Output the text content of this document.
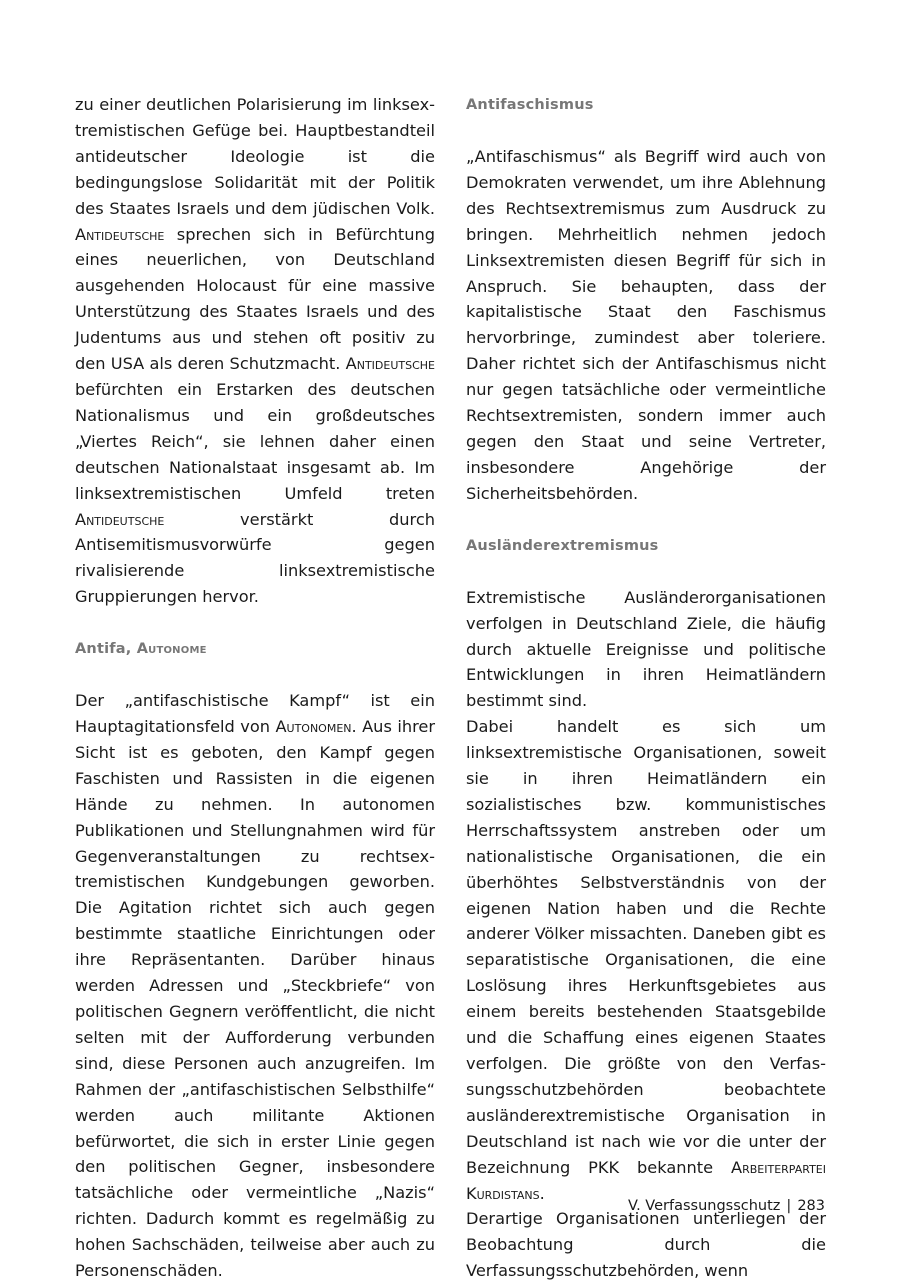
zu einer deutlichen Polarisierung im linksextremistischen Gefüge bei. Hauptbestandteil antideutscher Ideologie ist die bedingungslose Solidarität mit der Politik des Staates Israels und dem jüdischen Volk. Antideutsche sprechen sich in Befürchtung eines neuerlichen, von Deutschland ausgehenden Holocaust für eine massive Unterstützung des Staates Israels und des Judentums aus und stehen oft positiv zu den USA als deren Schutzmacht. Antideutsche befürchten ein Erstarken des deutschen Nationalismus und ein großdeutsches „Viertes Reich“, sie lehnen daher einen deutschen Nationalstaat insgesamt ab. Im linksextremistischen Umfeld treten Antideutsche verstärkt durch Antisemitismusvorwürfe gegen rivalisierende linksextremistische Gruppierungen hervor.

Antifa, Autonome

Der „antifaschistische Kampf“ ist ein Hauptagitationsfeld von Autonomen. Aus ihrer Sicht ist es geboten, den Kampf gegen Faschisten und Rassisten in die eigenen Hände zu nehmen. In autonomen Publikationen und Stellungnahmen wird für Gegenveranstaltungen zu rechtsextremistischen Kundgebungen geworben. Die Agitation richtet sich auch gegen bestimmte staatliche Einrichtungen oder ihre Repräsentanten. Darüber hinaus werden Adressen und „Steckbriefe“ von politischen Gegnern veröffentlicht, die nicht selten mit der Aufforderung verbunden sind, diese Personen auch anzugreifen. Im Rahmen der „antifaschistischen Selbsthilfe“ werden auch militante Aktionen befürwortet, die sich in erster Linie gegen den politischen Gegner, insbesondere tatsächliche oder vermeintliche „Nazis“ richten. Dadurch kommt es regelmäßig zu hohen Sachschäden, teilweise aber auch zu Personenschäden.

Antifaschismus

„Antifaschismus“ als Begriff wird auch von Demokraten verwendet, um ihre Ablehnung des Rechtsextremismus zum Ausdruck zu bringen. Mehrheitlich nehmen jedoch Linksextremisten diesen Begriff für sich in Anspruch. Sie behaupten, dass der kapitalistische Staat den Faschismus hervorbringe, zumindest aber toleriere. Daher richtet sich der Antifaschismus nicht nur gegen tatsächliche oder vermeintliche Rechtsextremisten, sondern immer auch gegen den Staat und seine Vertreter, insbesondere Angehörige der Sicherheitsbehörden.

Ausländerextremismus

Extremistische Ausländerorganisationen verfolgen in Deutschland Ziele, die häufig durch aktuelle Ereignisse und politische Entwicklungen in ihren Heimatländern bestimmt sind.

Dabei handelt es sich um linksextremistische Organisationen, soweit sie in ihren Heimatländern ein sozialistisches bzw. kommunistisches Herrschaftssystem anstreben oder um nationalistische Organisationen, die ein überhöhtes Selbstverständnis von der eigenen Nation haben und die Rechte anderer Völker missachten. Daneben gibt es separatistische Organisationen, die eine Loslösung ihres Herkunftsgebietes aus einem bereits bestehenden Staatsgebilde und die Schaffung eines eigenen Staates verfolgen. Die größte von den Verfassungsschutzbehörden beobachtete ausländerextremistische Organisation in Deutschland ist nach wie vor die unter der Bezeichnung PKK bekannte Arbeiterpartei Kurdistans.

Derartige Organisationen unterliegen der Beobachtung durch die Verfassungsschutzbehörden, wenn

V. Verfassungsschutz | 283
